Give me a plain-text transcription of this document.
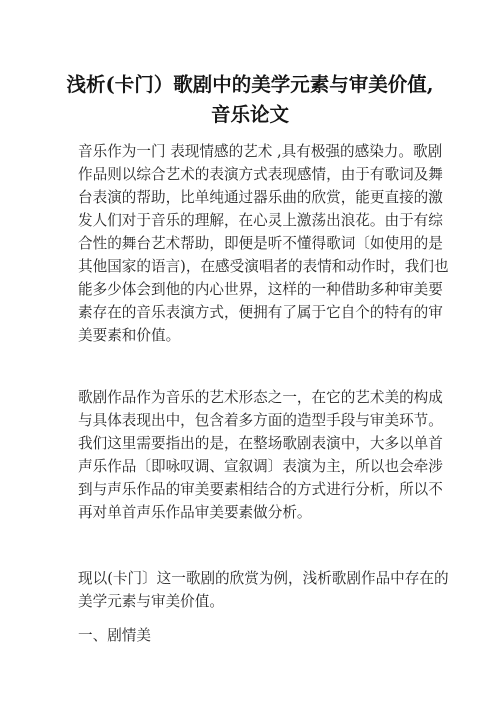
浅析(卡门）歌剧中的美学元素与审美价值,
音乐论文
音乐作为一门 表现情感的艺术 ,具有极强的感染力。歌剧
作品则以综合艺术的表演方式表现感情，由于有歌词及舞
台表演的帮助，比单纯通过器乐曲的欣赏，能更直接的激
发人们对于音乐的理解，在心灵上激荡出浪花。由于有综
合性的舞台艺术帮助，即便是听不懂得歌词〔如使用的是
其他国家的语言)，在感受演唱者的表情和动作时，我们也
能多少体会到他的内心世界，这样的一种借助多种审美要
素存在的音乐表演方式，便拥有了属于它自个的特有的审
美要素和价值。
歌剧作品作为音乐的艺术形态之一，在它的艺术美的构成
与具体表现出中，包含着多方面的造型手段与审美环节。
我们这里需要指出的是，在整场歌剧表演中，大多以单首
声乐作品〔即咏叹调、宣叙调〕表演为主，所以也会牵涉
到与声乐作品的审美要素相结合的方式进行分析，所以不
再对单首声乐作品审美要素做分析。
现以(卡门〕这一歌剧的欣赏为例，浅析歌剧作品中存在的
美学元素与审美价值。
一、剧情美
